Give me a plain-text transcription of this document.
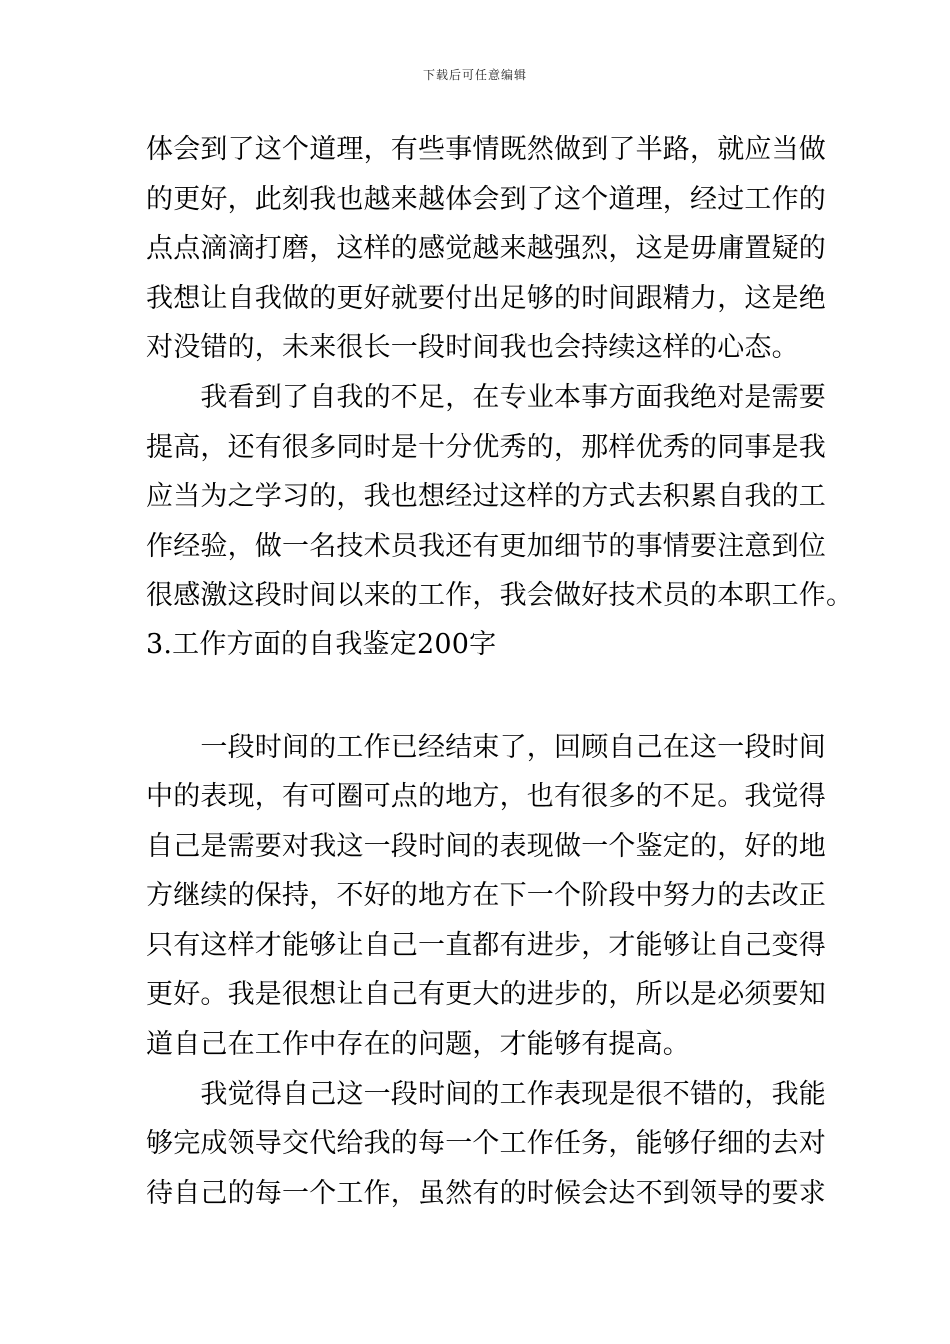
下载后可任意编辑
体会到了这个道理，有些事情既然做到了半路，就应当做
的更好，此刻我也越来越体会到了这个道理，经过工作的
点点滴滴打磨，这样的感觉越来越强烈，这是毋庸置疑的
我想让自我做的更好就要付出足够的时间跟精力，这是绝
对没错的，未来很长一段时间我也会持续这样的心态。
　　我看到了自我的不足，在专业本事方面我绝对是需要
提高，还有很多同时是十分优秀的，那样优秀的同事是我
应当为之学习的，我也想经过这样的方式去积累自我的工
作经验，做一名技术员我还有更加细节的事情要注意到位
很感激这段时间以来的工作，我会做好技术员的本职工作。
3.工作方面的自我鉴定200字
　　一段时间的工作已经结束了，回顾自己在这一段时间
中的表现，有可圈可点的地方，也有很多的不足。我觉得
自己是需要对我这一段时间的表现做一个鉴定的，好的地
方继续的保持，不好的地方在下一个阶段中努力的去改正
只有这样才能够让自己一直都有进步，才能够让自己变得
更好。我是很想让自己有更大的进步的，所以是必须要知
道自己在工作中存在的问题，才能够有提高。
　　我觉得自己这一段时间的工作表现是很不错的，我能
够完成领导交代给我的每一个工作任务，能够仔细的去对
待自己的每一个工作，虽然有的时候会达不到领导的要求
